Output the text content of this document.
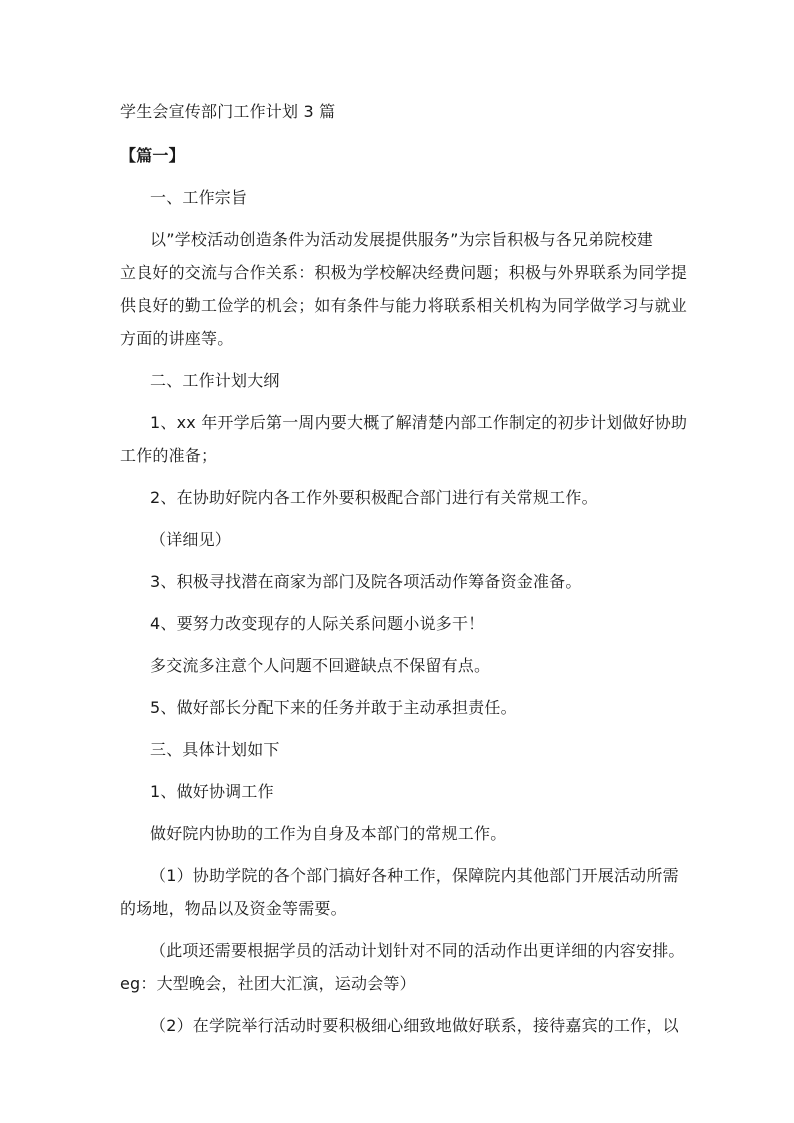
学生会宣传部门工作计划 3 篇
【篇一】
一、工作宗旨
以”学校活动创造条件为活动发展提供服务”为宗旨积极与各兄弟院校建
立良好的交流与合作关系：积极为学校解决经费问题；积极与外界联系为同学提
供良好的勤工俭学的机会；如有条件与能力将联系相关机构为同学做学习与就业
方面的讲座等。
二、工作计划大纲
1、xx 年开学后第一周内要大概了解清楚内部工作制定的初步计划做好协助
工作的准备；
2、在协助好院内各工作外要积极配合部门进行有关常规工作。
（详细见）
3、积极寻找潜在商家为部门及院各项活动作筹备资金准备。
4、要努力改变现存的人际关系问题小说多干！
多交流多注意个人问题不回避缺点不保留有点。
5、做好部长分配下来的任务并敢于主动承担责任。
三、具体计划如下
1、做好协调工作
做好院内协助的工作为自身及本部门的常规工作。
（1）协助学院的各个部门搞好各种工作，保障院内其他部门开展活动所需
的场地，物品以及资金等需要。
（此项还需要根据学员的活动计划针对不同的活动作出更详细的内容安排。
eg：大型晚会，社团大汇演，运动会等）
（2）在学院举行活动时要积极细心细致地做好联系，接待嘉宾的工作，以
